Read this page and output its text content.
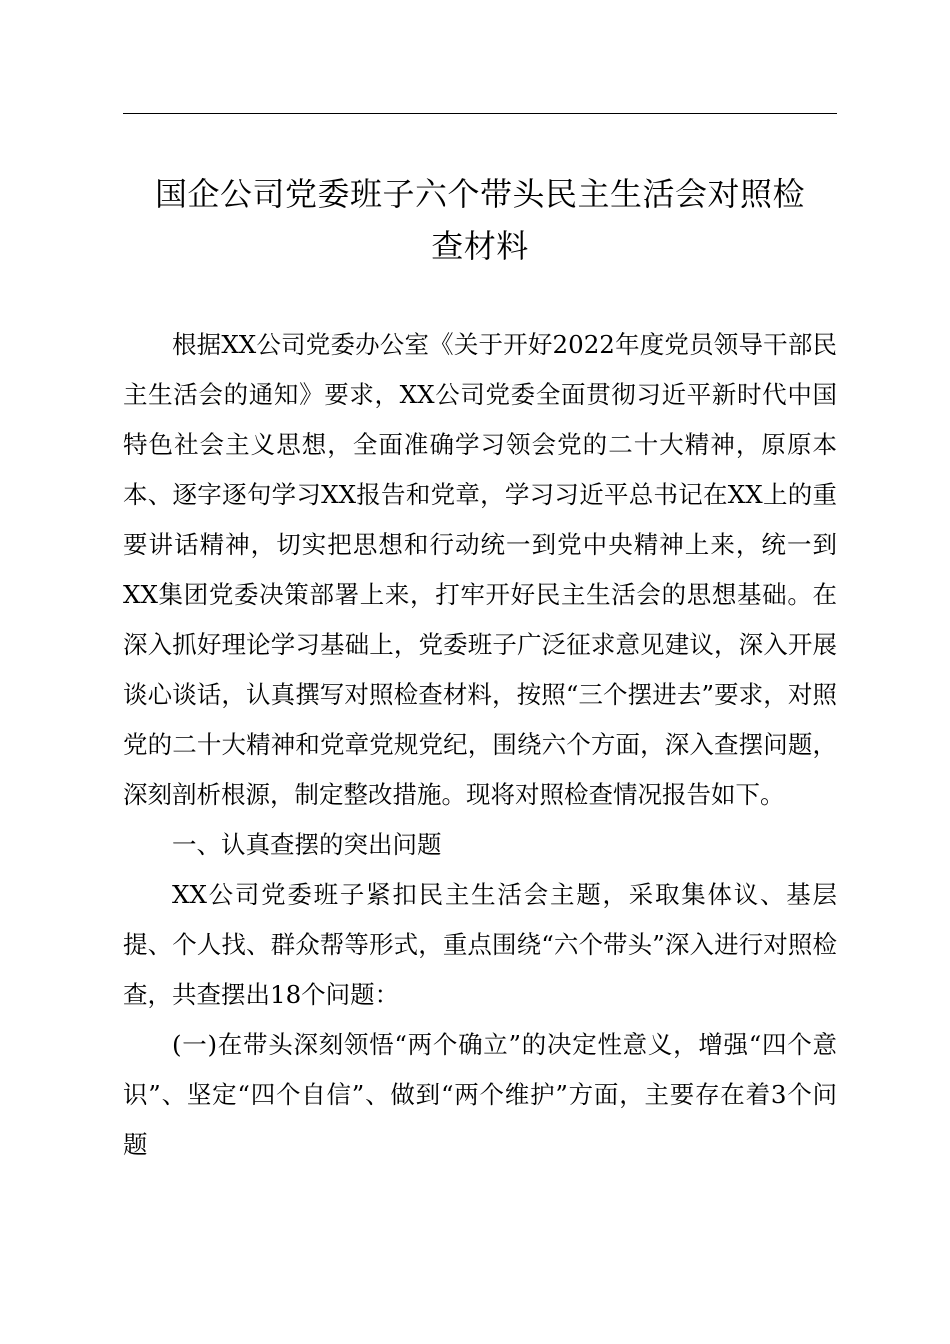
国企公司党委班子六个带头民主生活会对照检
查材料

根据XX公司党委办公室《关于开好2022年度党员领导干部民主生活会的通知》要求，XX公司党委全面贯彻习近平新时代中国特色社会主义思想，全面准确学习领会党的二十大精神，原原本本、逐字逐句学习XX报告和党章，学习习近平总书记在XX上的重要讲话精神，切实把思想和行动统一到党中央精神上来，统一到XX集团党委决策部署上来，打牢开好民主生活会的思想基础。在深入抓好理论学习基础上，党委班子广泛征求意见建议，深入开展谈心谈话，认真撰写对照检查材料，按照“三个摆进去”要求，对照党的二十大精神和党章党规党纪，围绕六个方面，深入查摆问题，深刻剖析根源，制定整改措施。现将对照检查情况报告如下。

一、认真查摆的突出问题

XX公司党委班子紧扣民主生活会主题，采取集体议、基层提、个人找、群众帮等形式，重点围绕“六个带头”深入进行对照检查，共查摆出18个问题：

(一)在带头深刻领悟“两个确立”的决定性意义，增强“四个意识”、坚定“四个自信”、做到“两个维护”方面，主要存在着3个问题
